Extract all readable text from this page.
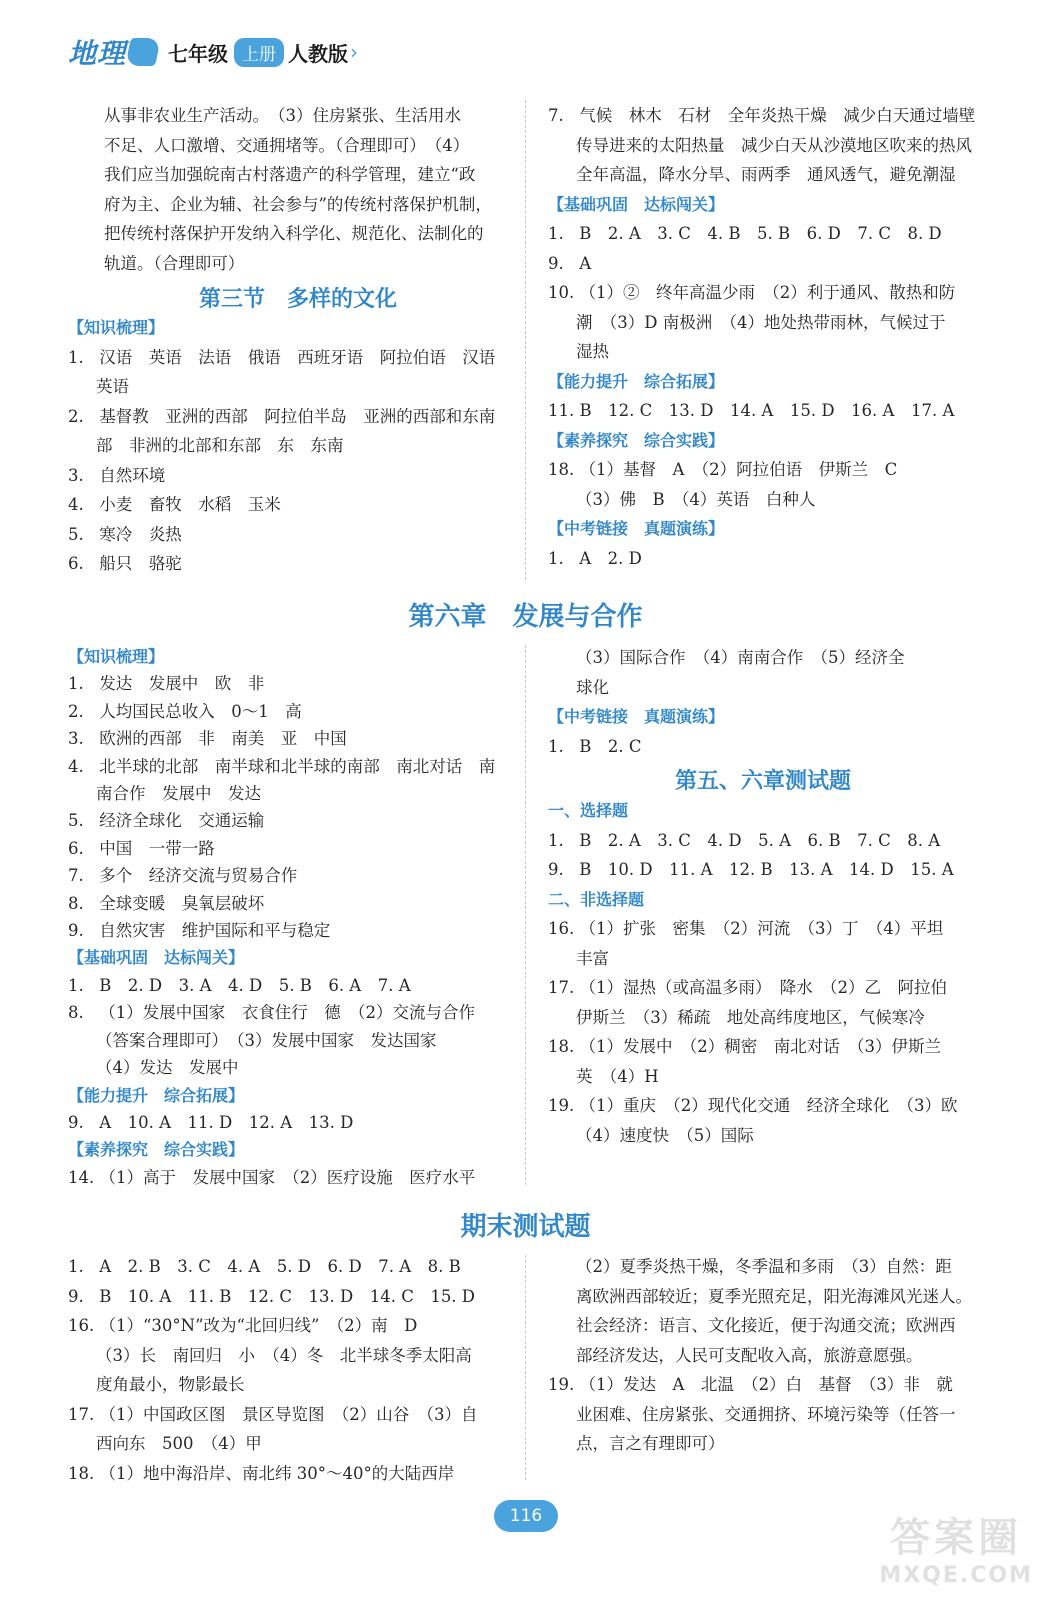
地理 七年级 上册 人教版 ›
从事非农业生产活动。　（3）住房紧张、生活用水
不足、人口激增、交通拥堵等。（合理即可）　（4）
我们应当加强皖南古村落遗产的科学管理，建立“政
府为主、企业为辅、社会参与”的传统村落保护机制，
把传统村落保护开发纳入科学化、规范化、法制化的
轨道。（合理即可）
第三节　多样的文化
【知识梳理】
1. 汉语　英语　法语　俄语　西班牙语　阿拉伯语　汉语
英语
2. 基督教　亚洲的西部　阿拉伯半岛　亚洲的西部和东南
部　非洲的北部和东部　东　东南
3. 自然环境
4. 小麦　畜牧　水稻　玉米
5. 寒冷　炎热
6. 船只　骆驼
7. 气候　林木　石材　全年炎热干燥　减少白天通过墙壁
传导进来的太阳热量　减少白天从沙漠地区吹来的热风
全年高温，降水分旱、雨两季　通风透气，避免潮湿
【基础巩固　达标闯关】
1. B　2. A　3. C　4. B　5. B　6. D　7. C　8. D
9. A
10. （1）②　终年高温少雨　（2）利于通风、散热和防
潮　（3）D 南极洲　（4）地处热带雨林，气候过于
湿热
【能力提升　综合拓展】
11. B　12. C　13. D　14. A　15. D　16. A　17. A
【素养探究　综合实践】
18. （1）基督　A　（2）阿拉伯语　伊斯兰　C
（3）佛　B　（4）英语　白种人
【中考链接　真题演练】
1. A　2. D
第六章　发展与合作
【知识梳理】
1. 发达　发展中　欧　非
2. 人均国民总收入　0～1　高
3. 欧洲的西部　非　南美　亚　中国
4. 北半球的北部　南半球和北半球的南部　南北对话　南
南合作　发展中　发达
5. 经济全球化　交通运输
6. 中国　一带一路
7. 多个　经济交流与贸易合作
8. 全球变暖　臭氧层破坏
9. 自然灾害　维护国际和平与稳定
【基础巩固　达标闯关】
1. B　2. D　3. A　4. D　5. B　6. A　7. A
8. （1）发展中国家　衣食住行　德　（2）交流与合作
（答案合理即可）　（3）发展中国家　发达国家
（4）发达　发展中
【能力提升　综合拓展】
9. A　10. A　11. D　12. A　13. D
【素养探究　综合实践】
14. （1）高于　发展中国家　（2）医疗设施　医疗水平
（3）国际合作　（4）南南合作　（5）经济全
球化
【中考链接　真题演练】
1. B　2. C
第五、六章测试题
一、选择题
1. B　2. A　3. C　4. D　5. A　6. B　7. C　8. A
9. B　10. D　11. A　12. B　13. A　14. D　15. A
二、非选择题
16. （1）扩张　密集　（2）河流　（3）丁　（4）平坦
丰富
17. （1）湿热（或高温多雨）　降水　（2）乙　阿拉伯
伊斯兰　（3）稀疏　地处高纬度地区，气候寒冷
18. （1）发展中　（2）稠密　南北对话　（3）伊斯兰
英　（4）H
19. （1）重庆　（2）现代化交通　经济全球化　（3）欧
（4）速度快　（5）国际
期末测试题
1. A　2. B　3. C　4. A　5. D　6. D　7. A　8. B
9. B　10. A　11. B　12. C　13. D　14. C　15. D
16. （1）“30°N”改为“北回归线”　（2）南　D
（3）长　南回归　小　（4）冬　北半球冬季太阳高
度角最小，物影最长
17. （1）中国政区图　景区导览图　（2）山谷　（3）自
西向东　500　（4）甲
18. （1）地中海沿岸、南北纬 30°～40°的大陆西岸
（2）夏季炎热干燥，冬季温和多雨　（3）自然：距
离欧洲西部较近；夏季光照充足，阳光海滩风光迷人。
社会经济：语言、文化接近，便于沟通交流；欧洲西
部经济发达，人民可支配收入高，旅游意愿强。
19. （1）发达　A　北温　（2）白　基督　（3）非　就
业困难、住房紧张、交通拥挤、环境污染等（任答一
点，言之有理即可）
116	答案圈
MXQE.COM
